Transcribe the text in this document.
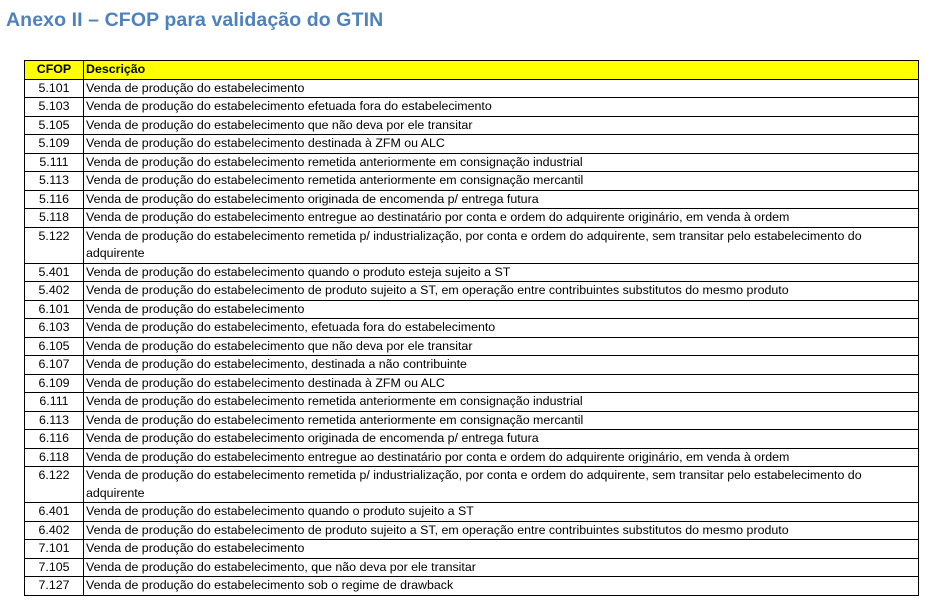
Anexo II – CFOP para validação do GTIN
CFOP	Descrição
5.101	Venda de produção do estabelecimento
5.103	Venda de produção do estabelecimento efetuada fora do estabelecimento
5.105	Venda de produção do estabelecimento que não deva por ele transitar
5.109	Venda de produção do estabelecimento destinada à ZFM ou ALC
5.111	Venda de produção do estabelecimento remetida anteriormente em consignação industrial
5.113	Venda de produção do estabelecimento remetida anteriormente em consignação mercantil
5.116	Venda de produção do estabelecimento originada de encomenda p/ entrega futura
5.118	Venda de produção do estabelecimento entregue ao destinatário por conta e ordem do adquirente originário, em venda à ordem
5.122	Venda de produção do estabelecimento remetida p/ industrialização, por conta e ordem do adquirente, sem transitar pelo estabelecimento do adquirente
5.401	Venda de produção do estabelecimento quando o produto esteja sujeito a ST
5.402	Venda de produção do estabelecimento de produto sujeito a ST, em operação entre contribuintes substitutos do mesmo produto
6.101	Venda de produção do estabelecimento
6.103	Venda de produção do estabelecimento, efetuada fora do estabelecimento
6.105	Venda de produção do estabelecimento que não deva por ele transitar
6.107	Venda de produção do estabelecimento, destinada a não contribuinte
6.109	Venda de produção do estabelecimento destinada à ZFM ou ALC
6.111	Venda de produção do estabelecimento remetida anteriormente em consignação industrial
6.113	Venda de produção do estabelecimento remetida anteriormente em consignação mercantil
6.116	Venda de produção do estabelecimento originada de encomenda p/ entrega futura
6.118	Venda de produção do estabelecimento entregue ao destinatário por conta e ordem do adquirente originário, em venda à ordem
6.122	Venda de produção do estabelecimento remetida p/ industrialização, por conta e ordem do adquirente, sem transitar pelo estabelecimento do adquirente
6.401	Venda de produção do estabelecimento quando o produto sujeito a ST
6.402	Venda de produção do estabelecimento de produto sujeito a ST, em operação entre contribuintes substitutos do mesmo produto
7.101	Venda de produção do estabelecimento
7.105	Venda de produção do estabelecimento, que não deva por ele transitar
7.127	Venda de produção do estabelecimento sob o regime de drawback
